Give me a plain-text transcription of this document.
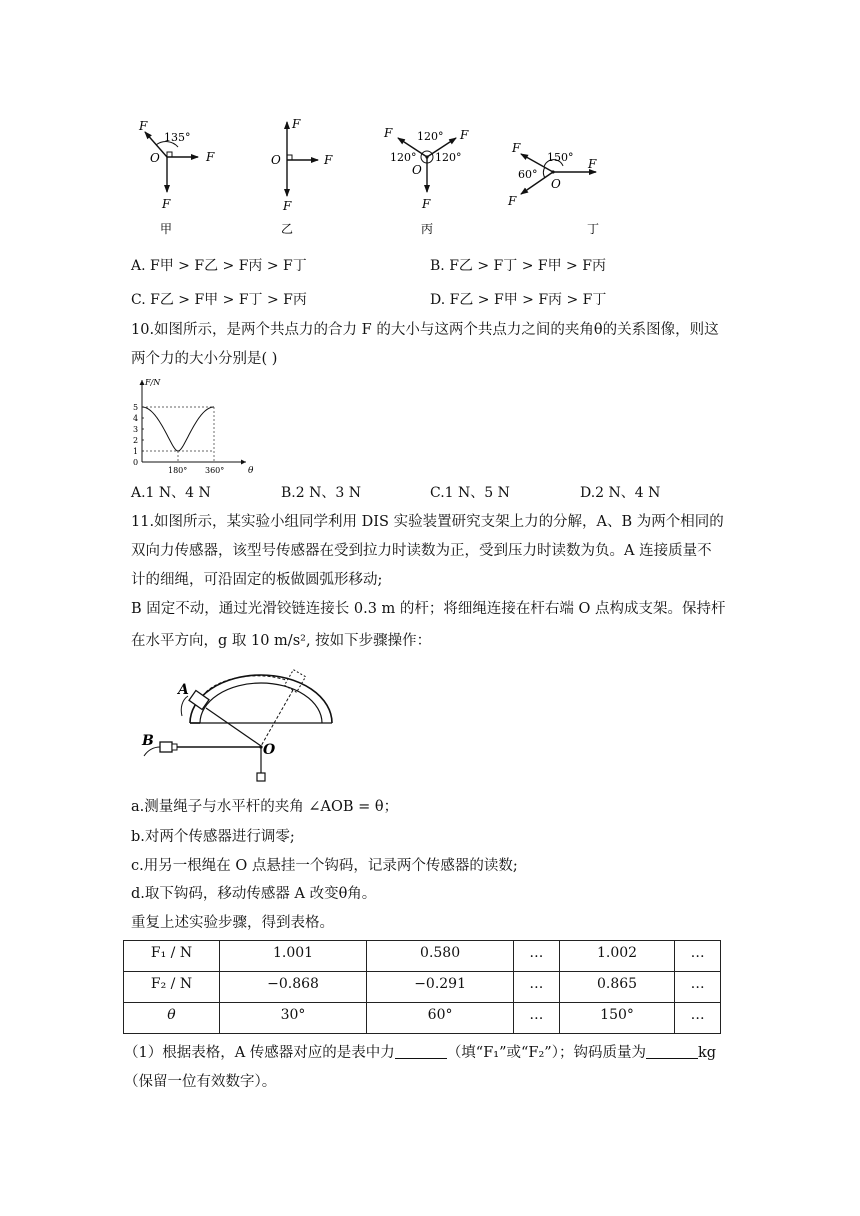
135°
F
O	F
F
甲
F
O	F
F
乙
120°
120° 120°
F	F
O
F
丙
150°
60°
F
F
O
F
丁
A. F甲 > F乙 > F丙 > F丁	B. F乙 > F丁 > F甲 > F丙
C. F乙 > F甲 > F丁 > F丙	D. F乙 > F甲 > F丙 > F丁
10.如图所示，是两个共点力的合力 F 的大小与这两个共点力之间的夹角θ的关系图像，则这
两个力的大小分别是( )
0
1
2
3
4
5
180° 360°
F/N
θ
A.1 N、4 N	B.2 N、3 N	C.1 N、5 N	D.2 N、4 N
11.如图所示，某实验小组同学利用 DIS 实验装置研究支架上力的分解，A、B 为两个相同的
双向力传感器，该型号传感器在受到拉力时读数为正，受到压力时读数为负。A 连接质量不
计的细绳，可沿固定的板做圆弧形移动;
B 固定不动，通过光滑铰链连接长 0.3 m 的杆；将细绳连接在杆右端 O 点构成支架。保持杆
在水平方向，g 取 10 m/s², 按如下步骤操作：
A
B
O
a.测量绳子与水平杆的夹角 ∠AOB = θ；
b.对两个传感器进行调零;
c.用另一根绳在 O 点悬挂一个钩码，记录两个传感器的读数;
d.取下钩码，移动传感器 A 改变θ角。
重复上述实验步骤，得到表格。
F₁ / N	1.001	0.580	…	1.002	…
F₂ / N	−0.868	−0.291	…	0.865	…
θ	30°	60°	…	150°	…
（1）根据表格，A 传感器对应的是表中力	（填“F₁”或“F₂”）；钩码质量为	kg
（保留一位有效数字）。
